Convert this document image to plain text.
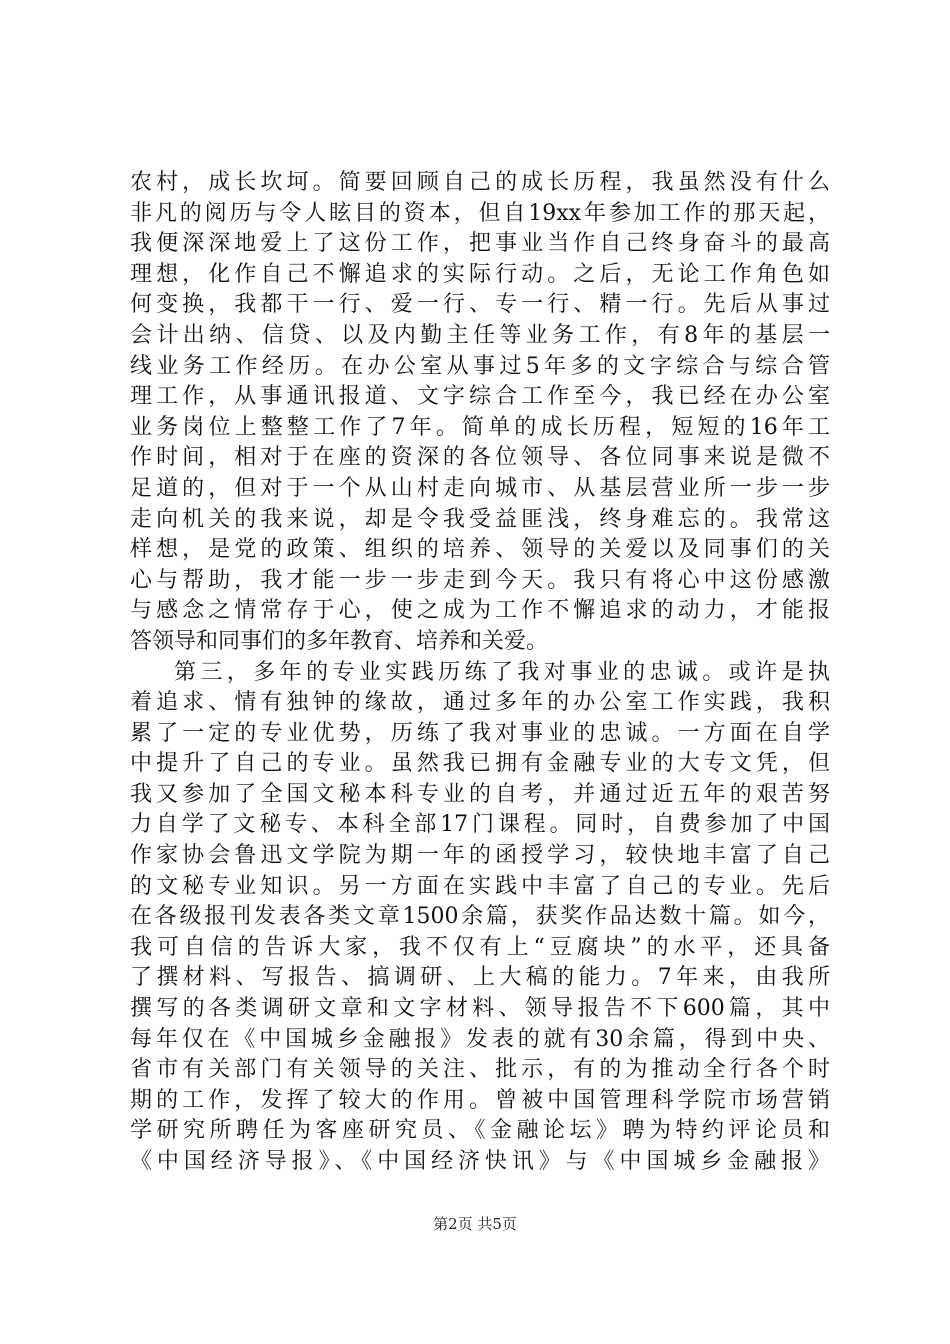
农村，成长坎坷。简要回顾自己的成长历程，我虽然没有什么
非凡的阅历与令人眩目的资本，但自19xx年参加工作的那天起，
我便深深地爱上了这份工作，把事业当作自己终身奋斗的最高
理想，化作自己不懈追求的实际行动。之后，无论工作角色如
何变换，我都干一行、爱一行、专一行、精一行。先后从事过
会计出纳、信贷、以及内勤主任等业务工作，有8年的基层一
线业务工作经历。在办公室从事过5年多的文字综合与综合管
理工作，从事通讯报道、文字综合工作至今，我已经在办公室
业务岗位上整整工作了7年。简单的成长历程，短短的16年工
作时间，相对于在座的资深的各位领导、各位同事来说是微不
足道的，但对于一个从山村走向城市、从基层营业所一步一步
走向机关的我来说，却是令我受益匪浅，终身难忘的。我常这
样想，是党的政策、组织的培养、领导的关爱以及同事们的关
心与帮助，我才能一步一步走到今天。我只有将心中这份感激
与感念之情常存于心，使之成为工作不懈追求的动力，才能报
答领导和同事们的多年教育、培养和关爱。
第三，多年的专业实践历练了我对事业的忠诚。或许是执
着追求、情有独钟的缘故，通过多年的办公室工作实践，我积
累了一定的专业优势，历练了我对事业的忠诚。一方面在自学
中提升了自己的专业。虽然我已拥有金融专业的大专文凭，但
我又参加了全国文秘本科专业的自考，并通过近五年的艰苦努
力自学了文秘专、本科全部17门课程。同时，自费参加了中国
作家协会鲁迅文学院为期一年的函授学习，较快地丰富了自己
的文秘专业知识。另一方面在实践中丰富了自己的专业。先后
在各级报刊发表各类文章1500余篇，获奖作品达数十篇。如今，
我可自信的告诉大家，我不仅有上“豆腐块”的水平，还具备
了撰材料、写报告、搞调研、上大稿的能力。7年来，由我所
撰写的各类调研文章和文字材料、领导报告不下600篇，其中
每年仅在《中国城乡金融报》发表的就有30余篇，得到中央、
省市有关部门有关领导的关注、批示，有的为推动全行各个时
期的工作，发挥了较大的作用。曾被中国管理科学院市场营销
学研究所聘任为客座研究员、《金融论坛》聘为特约评论员和
《中国经济导报》、《中国经济快讯》与《中国城乡金融报》
第2页 共5页
